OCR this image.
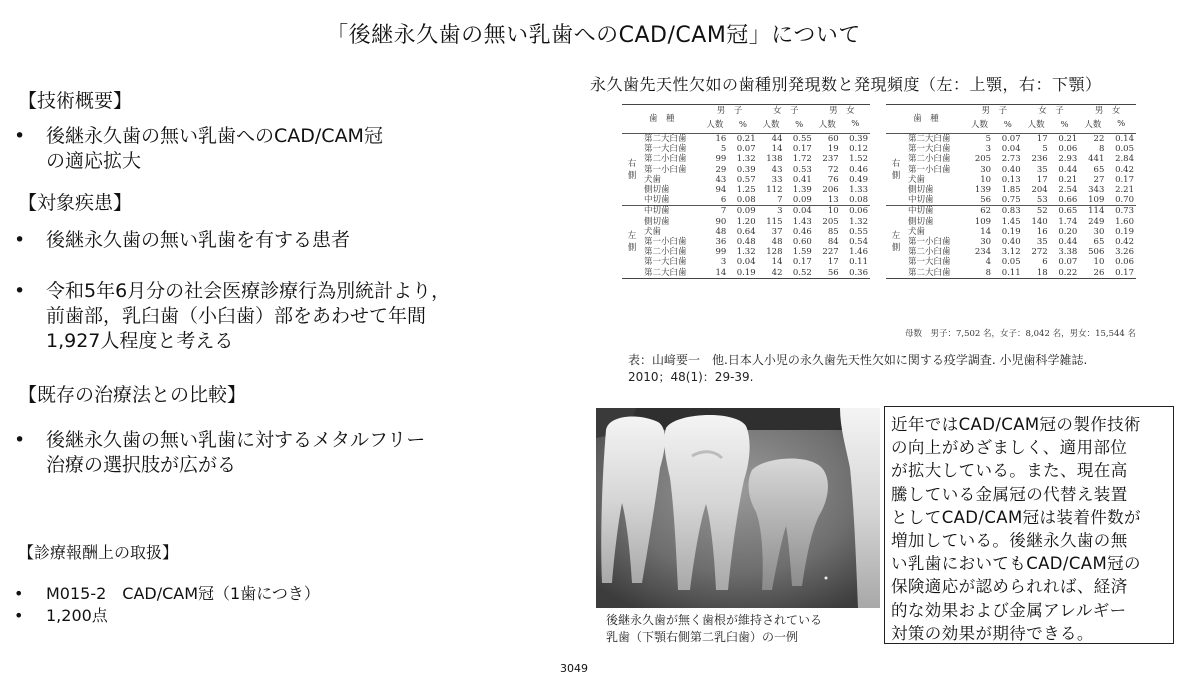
「後継永久歯の無い乳歯へのCAD/CAM冠」について
【技術概要】
• 後継永久歯の無い乳歯へのCAD/CAM冠
の適応拡大
【対象疾患】
• 後継永久歯の無い乳歯を有する患者
• 令和5年6月分の社会医療診療行為別統計より，
前歯部，乳臼歯（小臼歯）部をあわせて年間
1,927人程度と考える
【既存の治療法との比較】
• 後継永久歯の無い乳歯に対するメタルフリー
治療の選択肢が広がる
【診療報酬上の取扱】
• M015-2　CAD/CAM冠（1歯につき）
• 1,200点
永久歯先天性欠如の歯種別発現数と発現頻度（左：上顎，右：下顎）
歯　種		男　子		女　子		男　女	
		人数	%	人数	%	人数	%
右
側	第二大臼歯	16	0.21	44	0.55	60	0.39
	第一大臼歯	5	0.07	14	0.17	19	0.12
	第二小臼歯	99	1.32	138	1.72	237	1.52
	第一小臼歯	29	0.39	43	0.53	72	0.46
	犬歯	43	0.57	33	0.41	76	0.49
	側切歯	94	1.25	112	1.39	206	1.33
	中切歯	6	0.08	7	0.09	13	0.08
左
側	中切歯	7	0.09	3	0.04	10	0.06
	側切歯	90	1.20	115	1.43	205	1.32
	犬歯	48	0.64	37	0.46	85	0.55
	第一小臼歯	36	0.48	48	0.60	84	0.54
	第二小臼歯	99	1.32	128	1.59	227	1.46
	第一大臼歯	3	0.04	14	0.17	17	0.11
	第二大臼歯	14	0.19	42	0.52	56	0.36
歯　種		男　子		女　子		男　女	
		人数	%	人数	%	人数	%
右
側	第二大臼歯	5	0.07	17	0.21	22	0.14
	第一大臼歯	3	0.04	5	0.06	8	0.05
	第二小臼歯	205	2.73	236	2.93	441	2.84
	第一小臼歯	30	0.40	35	0.44	65	0.42
	犬歯	10	0.13	17	0.21	27	0.17
	側切歯	139	1.85	204	2.54	343	2.21
	中切歯	56	0.75	53	0.66	109	0.70
左
側	中切歯	62	0.83	52	0.65	114	0.73
	側切歯	109	1.45	140	1.74	249	1.60
	犬歯	14	0.19	16	0.20	30	0.19
	第一小臼歯	30	0.40	35	0.44	65	0.42
	第二小臼歯	234	3.12	272	3.38	506	3.26
	第一大臼歯	4	0.05	6	0.07	10	0.06
	第二大臼歯	8	0.11	18	0.22	26	0.17
母数　男子：7,502 名，女子：8,042 名，男女：15,544 名
表：山﨑要一　他.日本人小児の永久歯先天性欠如に関する疫学調査. 小児歯科学雑誌.
2010；48(1)：29-39.
後継永久歯が無く歯根が維持されている
乳歯（下顎右側第二乳臼歯）の一例
近年ではCAD/CAM冠の製作技術
の向上がめざましく、適用部位
が拡大している。また、現在高
騰している金属冠の代替え装置
としてCAD/CAM冠は装着件数が
増加している。後継永久歯の無
い乳歯においてもCAD/CAM冠の
保険適応が認められれば、経済
的な効果および金属アレルギー
対策の効果が期待できる。
3049
